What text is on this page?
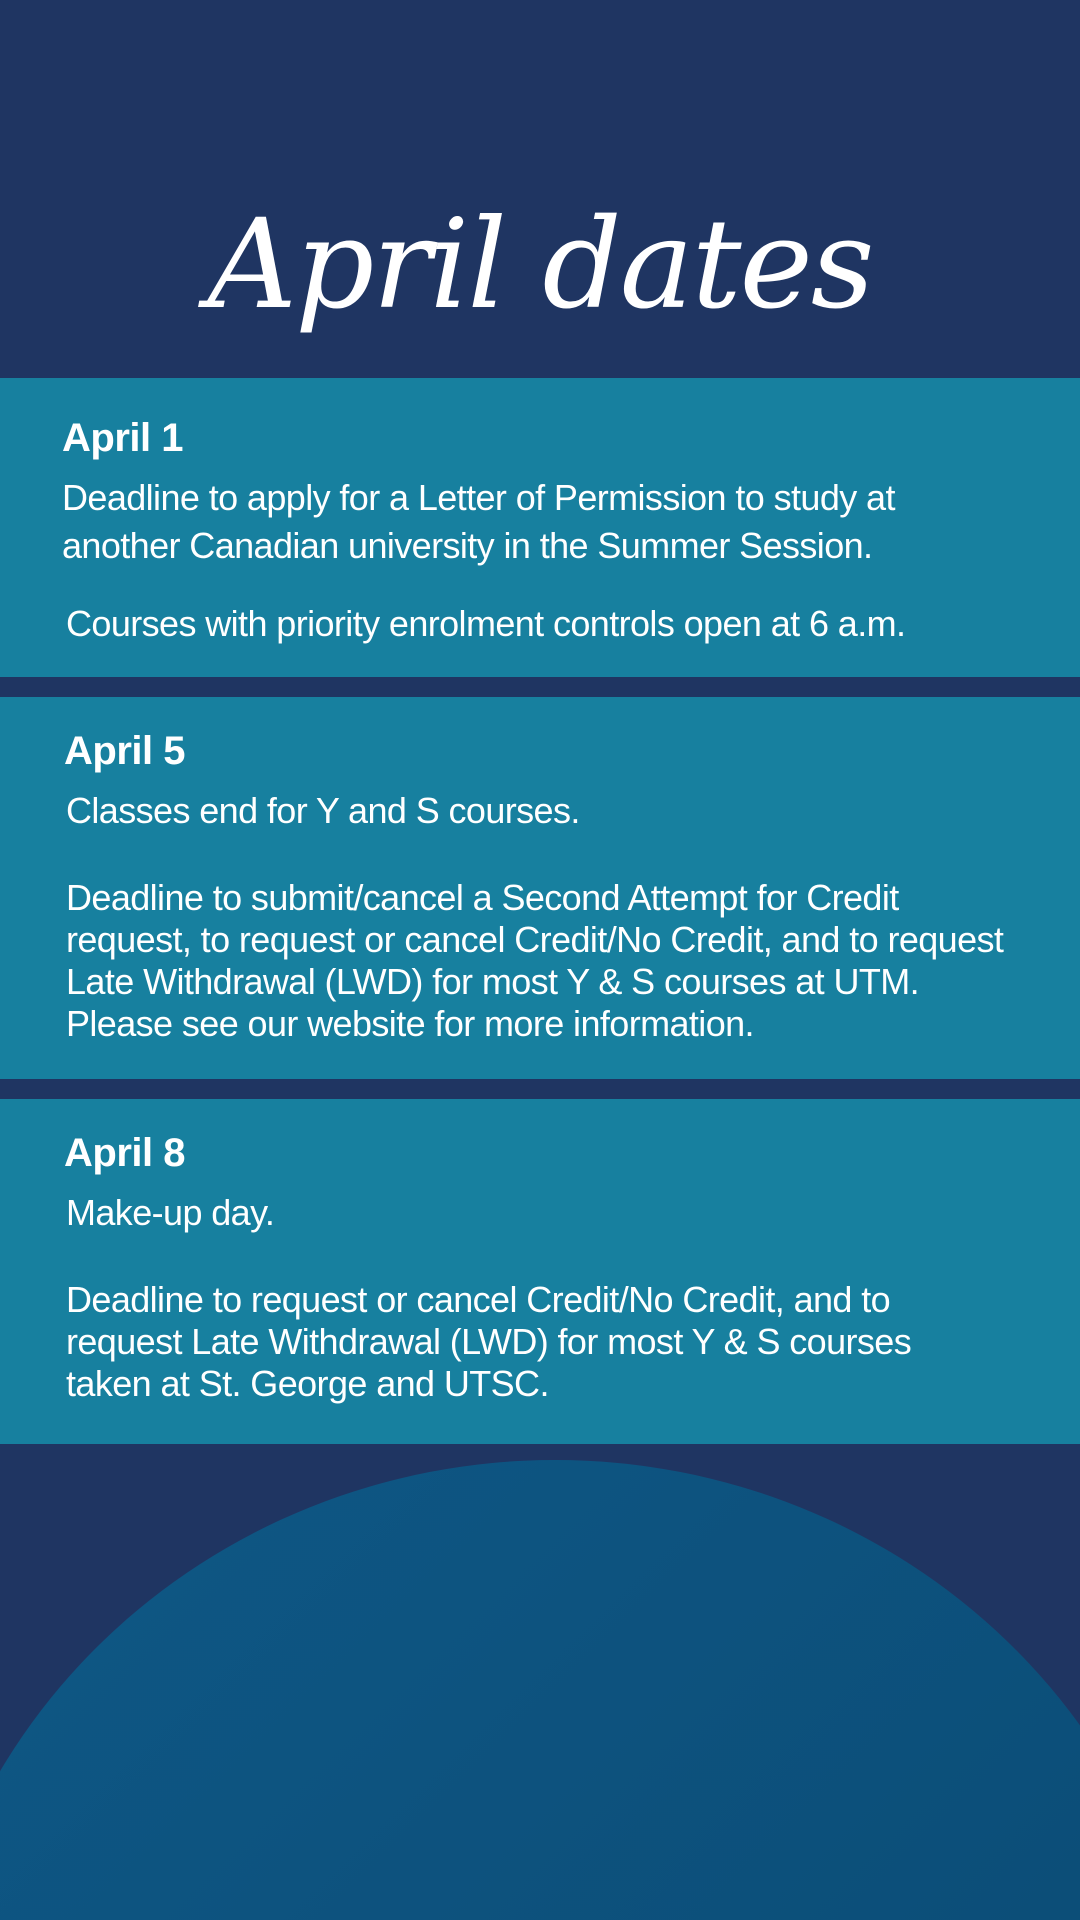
April dates
April 1

Deadline to apply for a Letter of Permission to study at another Canadian university in the Summer Session.

Courses with priority enrolment controls open at 6 a.m.

April 5

Classes end for Y and S courses.

Deadline to submit/cancel a Second Attempt for Credit request, to request or cancel Credit/No Credit, and to request Late Withdrawal (LWD) for most Y & S courses at UTM. Please see our website for more information.

April 8

Make-up day.

Deadline to request or cancel Credit/No Credit, and to request Late Withdrawal (LWD) for most Y & S courses taken at St. George and UTSC.
